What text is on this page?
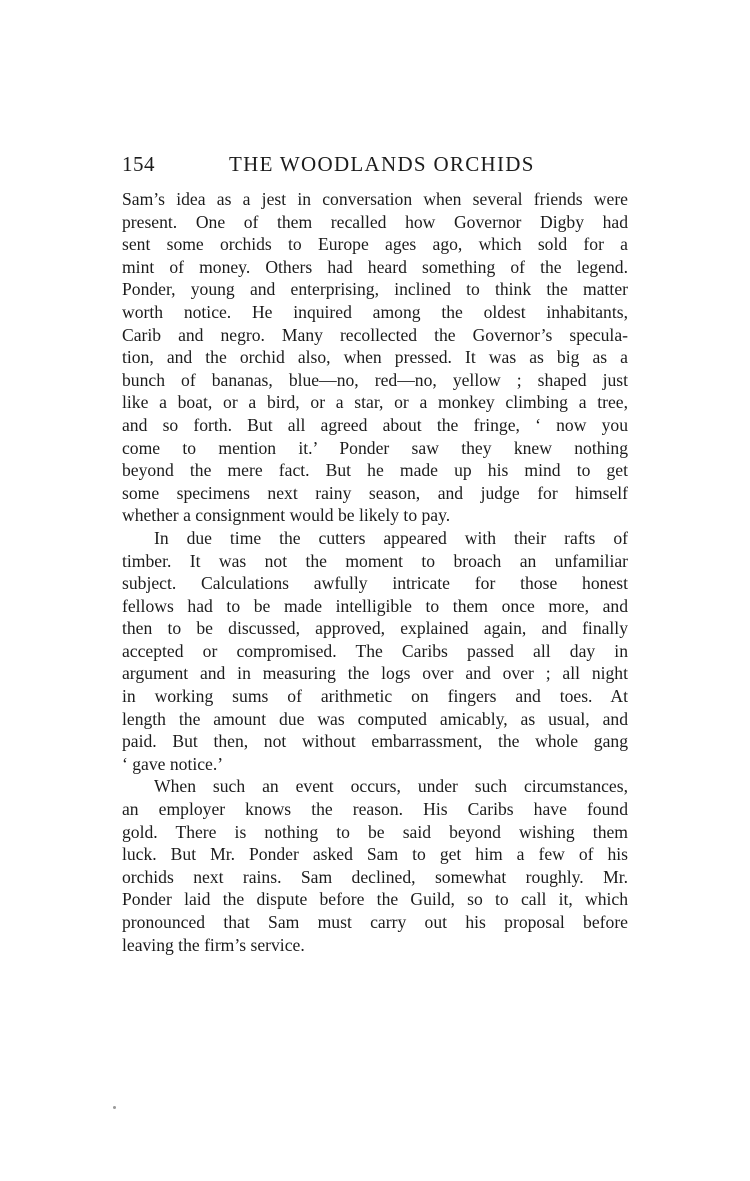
154	THE WOODLANDS ORCHIDS
Sam’s idea as a jest in conversation when several friends were
present. One of them recalled how Governor Digby had
sent some orchids to Europe ages ago, which sold for a
mint of money. Others had heard something of the legend.
Ponder, young and enterprising, inclined to think the matter
worth notice. He inquired among the oldest inhabitants,
Carib and negro. Many recollected the Governor’s specula-
tion, and the orchid also, when pressed. It was as big as a
bunch of bananas, blue—no, red—no, yellow ; shaped just
like a boat, or a bird, or a star, or a monkey climbing a tree,
and so forth. But all agreed about the fringe, ‘ now you
come to mention it.’ Ponder saw they knew nothing
beyond the mere fact. But he made up his mind to get
some specimens next rainy season, and judge for himself
whether a consignment would be likely to pay.
In due time the cutters appeared with their rafts of
timber. It was not the moment to broach an unfamiliar
subject. Calculations awfully intricate for those honest
fellows had to be made intelligible to them once more, and
then to be discussed, approved, explained again, and finally
accepted or compromised. The Caribs passed all day in
argument and in measuring the logs over and over ; all night
in working sums of arithmetic on fingers and toes. At
length the amount due was computed amicably, as usual, and
paid. But then, not without embarrassment, the whole gang
‘ gave notice.’
When such an event occurs, under such circumstances,
an employer knows the reason. His Caribs have found
gold. There is nothing to be said beyond wishing them
luck. But Mr. Ponder asked Sam to get him a few of his
orchids next rains. Sam declined, somewhat roughly. Mr.
Ponder laid the dispute before the Guild, so to call it, which
pronounced that Sam must carry out his proposal before
leaving the firm’s service.
